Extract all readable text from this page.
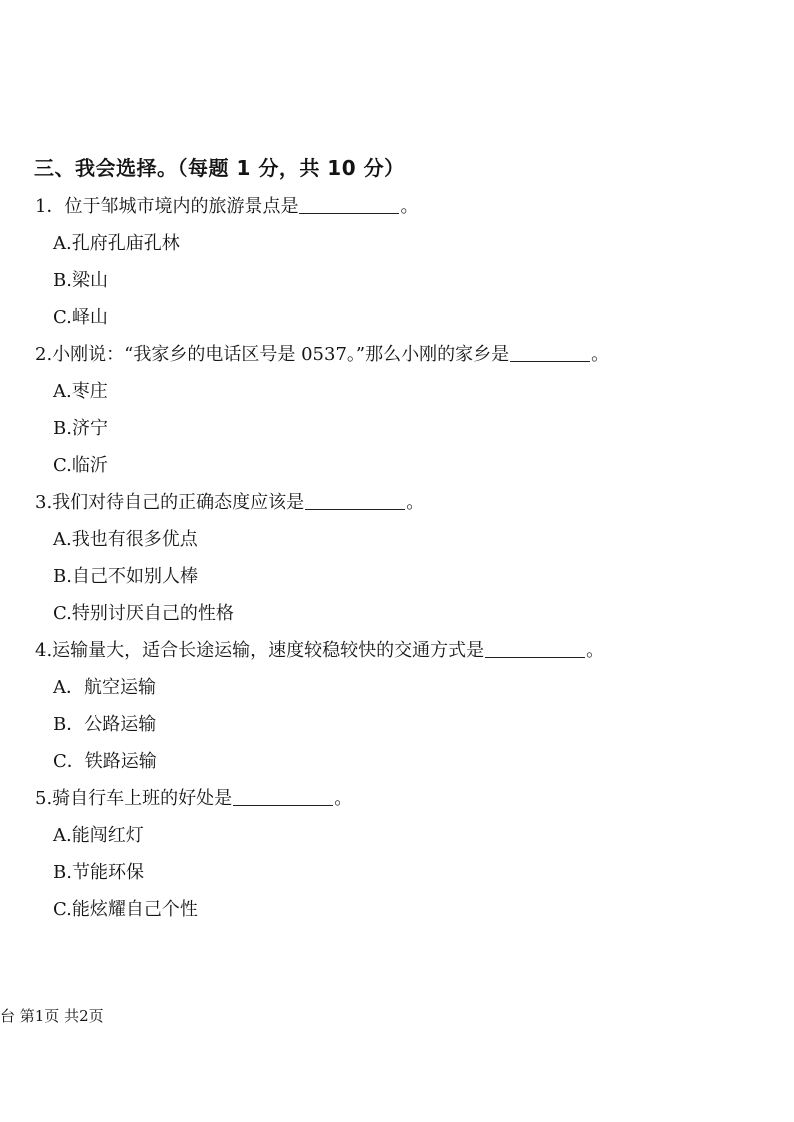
三、我会选择。（每题 1 分，共 10 分）
1．位于邹城市境内的旅游景点是	。
A.孔府孔庙孔林
B.梁山
C.峄山
2.小刚说：“我家乡的电话区号是 0537。”那么小刚的家乡是	。
A.枣庄
B.济宁
C.临沂
3.我们对待自己的正确态度应该是	。
A.我也有很多优点
B.自己不如别人棒
C.特别讨厌自己的性格
4.运输量大，适合长途运输，速度较稳较快的交通方式是	。
A．航空运输
B．公路运输
C．铁路运输
5.骑自行车上班的好处是	。
A.能闯红灯
B.节能环保
C.能炫耀自己个性
台 第1页 共2页
